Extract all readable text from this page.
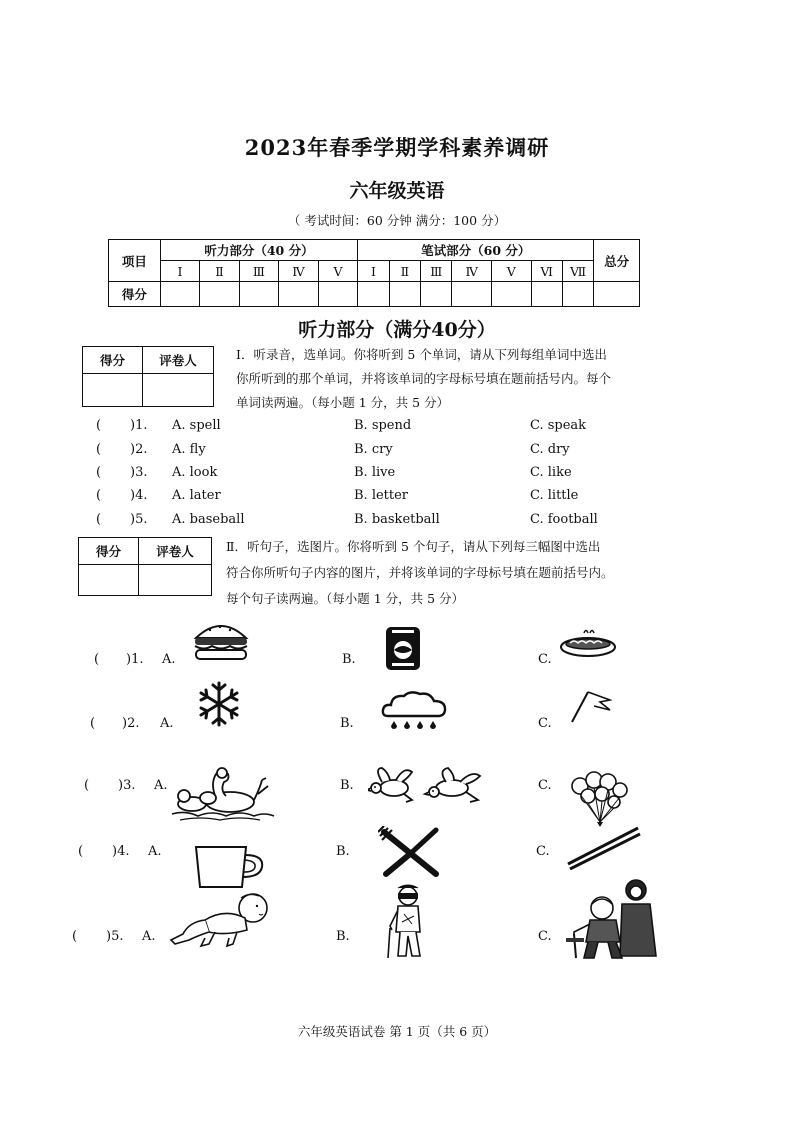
2023年春季学期学科素养调研
六年级英语
（ 考试时间：60 分钟 满分：100 分）
项目	听力部分（40 分）					笔试部分（60 分）							总分
	Ⅰ	Ⅱ	Ⅲ	Ⅳ	Ⅴ	Ⅰ	Ⅱ	Ⅲ	Ⅳ	Ⅴ	Ⅵ	Ⅶ	
得分													
听力部分（满分40分）
得分	评卷人
		Ⅰ．听录音，选单词。你将听到 5 个单词，请从下列每组单词中选出
你所听到的那个单词，并将该单词的字母标号填在题前括号内。每个
单词读两遍。（每小题 1 分，共 5 分）
( )1. A. spell	B. spend	C. speak
( )2. A. fly	B. cry	C. dry
( )3. A. look	B. live	C. like
( )4. A. later	B. letter	C. little
( )5. A. baseball	B. basketball	C. football
得分	评卷人
		Ⅱ．听句子，选图片。你将听到 5 个句子，请从下列每三幅图中选出
符合你所听句子内容的图片，并将该单词的字母标号填在题前括号内。
每个句子读两遍。（每小题 1 分，共 5 分）
( )1. A.	B.	C.
( )2. A.	B.	C.
( )3. A.	B.	C.
( )4. A.	B.	C.
( )5. A.	B.	C.
六年级英语试卷 第 1 页（共 6 页）
